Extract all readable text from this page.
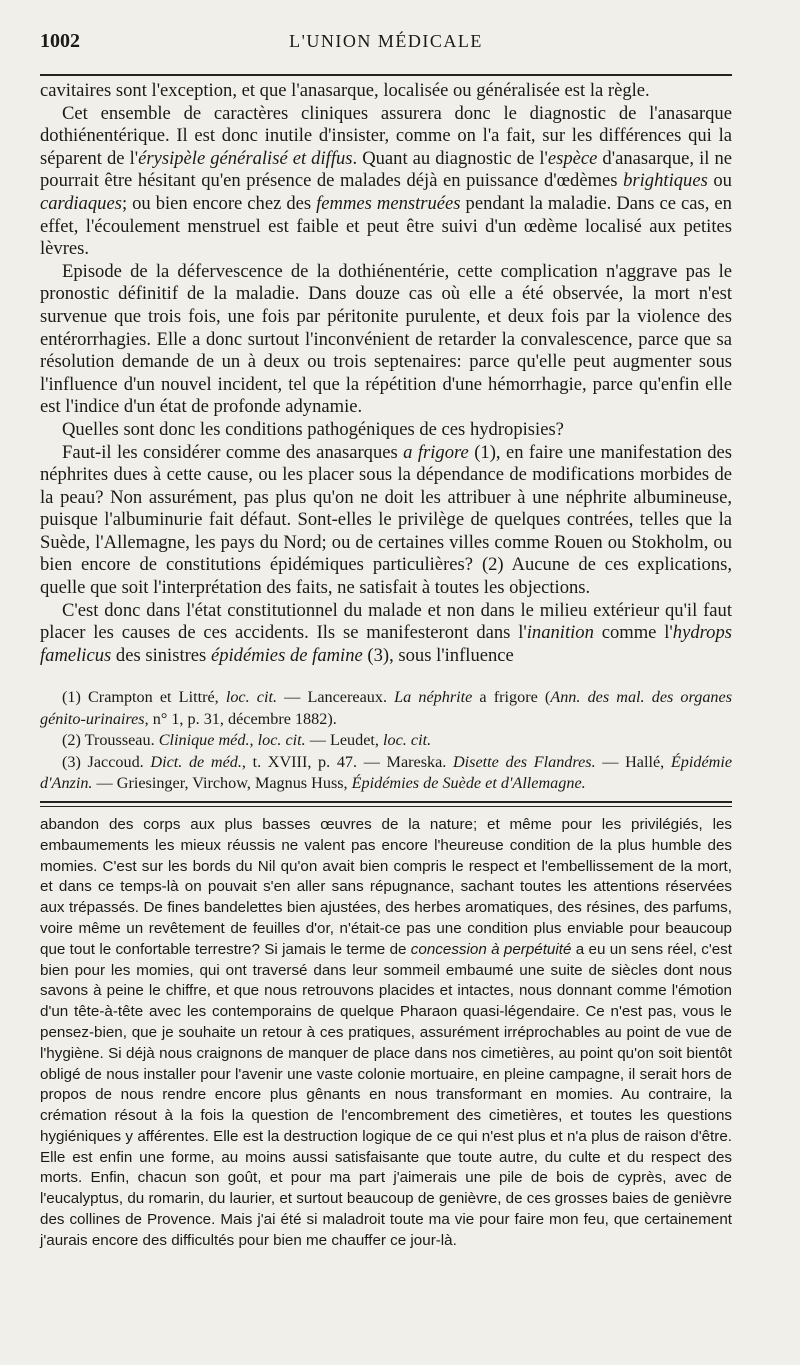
1002	L'UNION MÉDICALE

cavitaires sont l'exception, et que l'anasarque, localisée ou généralisée est la règle.

Cet ensemble de caractères cliniques assurera donc le diagnostic de l'anasarque dothiénentérique. Il est donc inutile d'insister, comme on l'a fait, sur les différences qui la séparent de l'érysipèle généralisé et diffus. Quant au diagnostic de l'espèce d'anasarque, il ne pourrait être hésitant qu'en présence de malades déjà en puissance d'œdèmes brightiques ou cardiaques; ou bien encore chez des femmes menstruées pendant la maladie. Dans ce cas, en effet, l'écoulement menstruel est faible et peut être suivi d'un œdème localisé aux petites lèvres.

Episode de la défervescence de la dothiénentérie, cette complication n'aggrave pas le pronostic définitif de la maladie. Dans douze cas où elle a été observée, la mort n'est survenue que trois fois, une fois par péritonite purulente, et deux fois par la violence des entérorrhagies. Elle a donc surtout l'inconvénient de retarder la convalescence, parce que sa résolution demande de un à deux ou trois septenaires: parce qu'elle peut augmenter sous l'influence d'un nouvel incident, tel que la répétition d'une hémorrhagie, parce qu'enfin elle est l'indice d'un état de profonde adynamie.

Quelles sont donc les conditions pathogéniques de ces hydropisies?

Faut-il les considérer comme des anasarques a frigore (1), en faire une manifestation des néphrites dues à cette cause, ou les placer sous la dépendance de modifications morbides de la peau? Non assurément, pas plus qu'on ne doit les attribuer à une néphrite albumineuse, puisque l'albuminurie fait défaut. Sont-elles le privilège de quelques contrées, telles que la Suède, l'Allemagne, les pays du Nord; ou de certaines villes comme Rouen ou Stokholm, ou bien encore de constitutions épidémiques particulières? (2) Aucune de ces explications, quelle que soit l'interprétation des faits, ne satisfait à toutes les objections.

C'est donc dans l'état constitutionnel du malade et non dans le milieu extérieur qu'il faut placer les causes de ces accidents. Ils se manifesteront dans l'inanition comme l'hydrops famelicus des sinistres épidémies de famine (3), sous l'influence

(1) Crampton et Littré, loc. cit. — Lancereaux. La néphrite a frigore (Ann. des mal. des organes génito-urinaires, n° 1, p. 31, décembre 1882).

(2) Trousseau. Clinique méd., loc. cit. — Leudet, loc. cit.

(3) Jaccoud. Dict. de méd., t. XVIII, p. 47. — Mareska. Disette des Flandres. — Hallé, Épidémie d'Anzin. — Griesinger, Virchow, Magnus Huss, Épidémies de Suède et d'Allemagne.

abandon des corps aux plus basses œuvres de la nature; et même pour les privilégiés, les embaumements les mieux réussis ne valent pas encore l'heureuse condition de la plus humble des momies. C'est sur les bords du Nil qu'on avait bien compris le respect et l'embellissement de la mort, et dans ce temps-là on pouvait s'en aller sans répugnance, sachant toutes les attentions réservées aux trépassés. De fines bandelettes bien ajustées, des herbes aromatiques, des résines, des parfums, voire même un revêtement de feuilles d'or, n'était-ce pas une condition plus enviable pour beaucoup que tout le confortable terrestre? Si jamais le terme de concession à perpétuité a eu un sens réel, c'est bien pour les momies, qui ont traversé dans leur sommeil embaumé une suite de siècles dont nous savons à peine le chiffre, et que nous retrouvons placides et intactes, nous donnant comme l'émotion d'un tête-à-tête avec les contemporains de quelque Pharaon quasi-légendaire. Ce n'est pas, vous le pensez-bien, que je souhaite un retour à ces pratiques, assurément irréprochables au point de vue de l'hygiène. Si déjà nous craignons de manquer de place dans nos cimetières, au point qu'on soit bientôt obligé de nous installer pour l'avenir une vaste colonie mortuaire, en pleine campagne, il serait hors de propos de nous rendre encore plus gênants en nous transformant en momies. Au contraire, la crémation résout à la fois la question de l'encombrement des cimetières, et toutes les questions hygiéniques y afférentes. Elle est la destruction logique de ce qui n'est plus et n'a plus de raison d'être. Elle est enfin une forme, au moins aussi satisfaisante que toute autre, du culte et du respect des morts. Enfin, chacun son goût, et pour ma part j'aimerais une pile de bois de cyprès, avec de l'eucalyptus, du romarin, du laurier, et surtout beaucoup de genièvre, de ces grosses baies de genièvre des collines de Provence. Mais j'ai été si maladroit toute ma vie pour faire mon feu, que certainement j'aurais encore des difficultés pour bien me chauffer ce jour-là.
